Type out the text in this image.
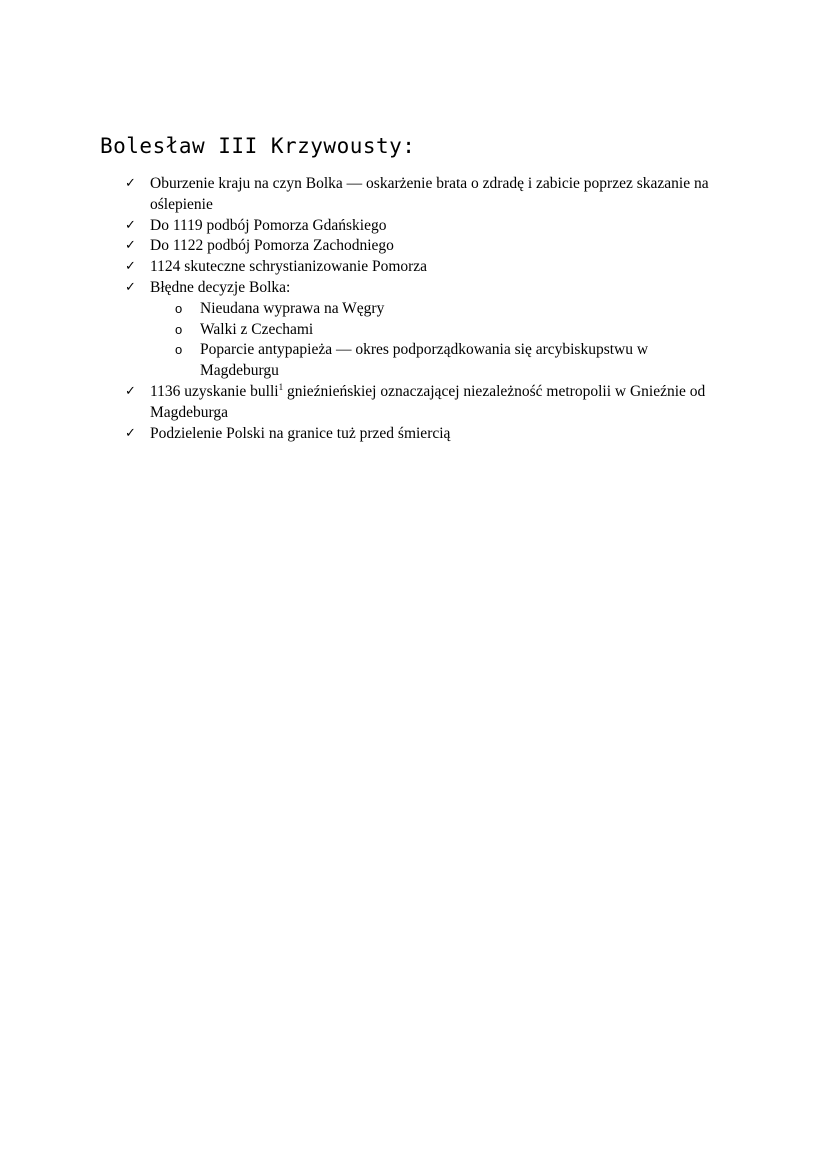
Bolesław III Krzywousty:
✓ Oburzenie kraju na czyn Bolka — oskarżenie brata o zdradę i zabicie poprzez skazanie na oślepienie
✓ Do 1119 podbój Pomorza Gdańskiego
✓ Do 1122 podbój Pomorza Zachodniego
✓ 1124 skuteczne schrystianizowanie Pomorza
✓ Błędne decyzje Bolka:
o Nieudana wyprawa na Węgry
o Walki z Czechami
o Poparcie antypapieża — okres podporządkowania się arcybiskupstwu w Magdeburgu
✓ 1136 uzyskanie bulli$^1$ gnieźnieńskiej oznaczającej niezależność metropolii w Gnieźnie od Magdeburga
✓ Podzielenie Polski na granice tuż przed śmiercią
